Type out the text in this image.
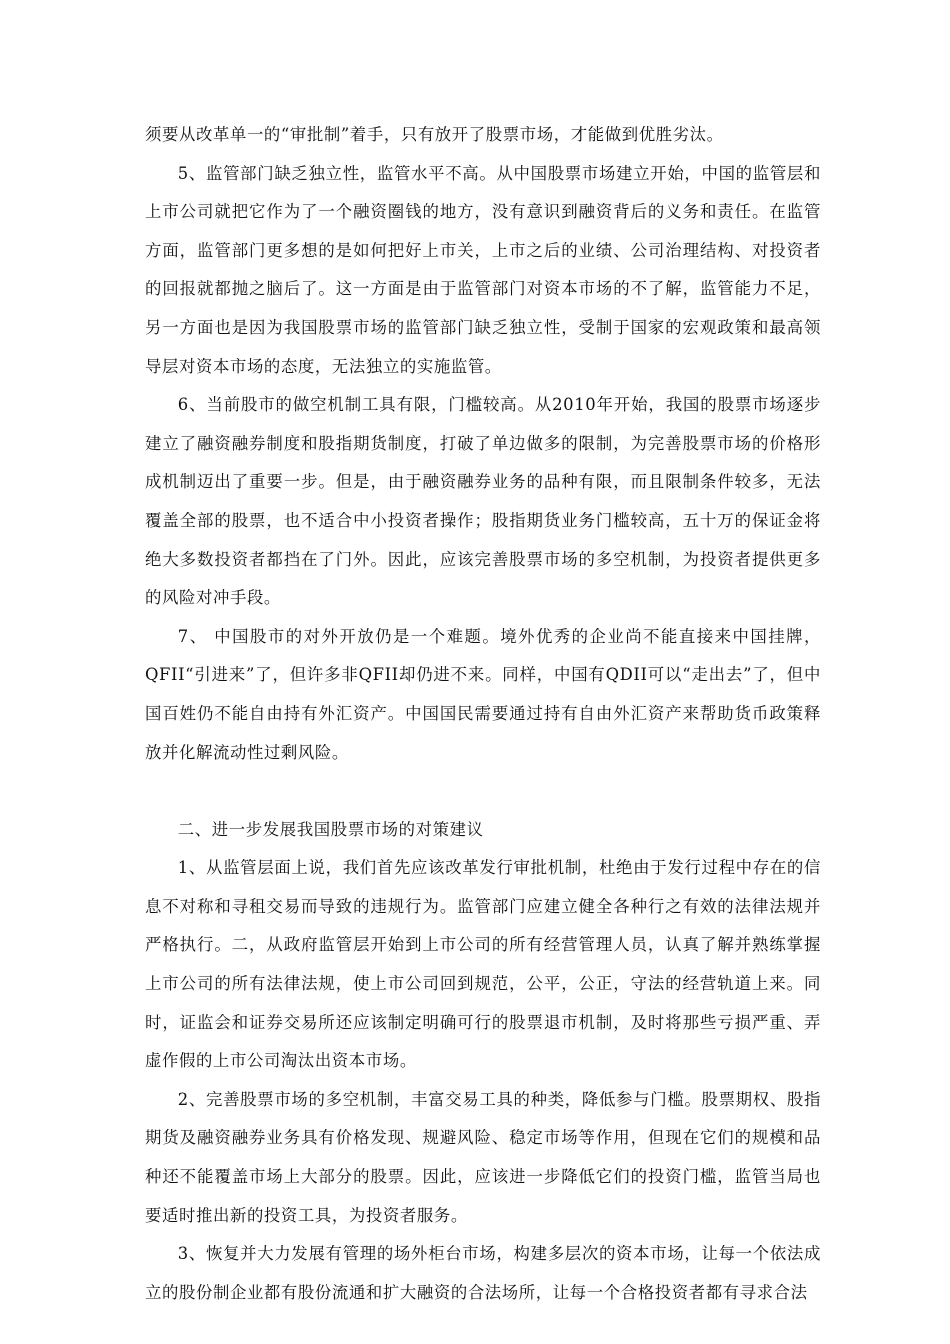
须要从改革单一的“审批制”着手，只有放开了股票市场，才能做到优胜劣汰。

5、监管部门缺乏独立性，监管水平不高。从中国股票市场建立开始，中国的监管层和上市公司就把它作为了一个融资圈钱的地方，没有意识到融资背后的义务和责任。在监管方面，监管部门更多想的是如何把好上市关，上市之后的业绩、公司治理结构、对投资者的回报就都抛之脑后了。这一方面是由于监管部门对资本市场的不了解，监管能力不足，另一方面也是因为我国股票市场的监管部门缺乏独立性，受制于国家的宏观政策和最高领导层对资本市场的态度，无法独立的实施监管。

6、当前股市的做空机制工具有限，门槛较高。从2010年开始，我国的股票市场逐步建立了融资融券制度和股指期货制度，打破了单边做多的限制，为完善股票市场的价格形成机制迈出了重要一步。但是，由于融资融券业务的品种有限，而且限制条件较多，无法覆盖全部的股票，也不适合中小投资者操作；股指期货业务门槛较高，五十万的保证金将绝大多数投资者都挡在了门外。因此，应该完善股票市场的多空机制，为投资者提供更多的风险对冲手段。

7、 中国股市的对外开放仍是一个难题。境外优秀的企业尚不能直接来中国挂牌，QFII“引进来”了，但许多非QFII却仍进不来。同样，中国有QDII可以“走出去”了，但中国百姓仍不能自由持有外汇资产。中国国民需要通过持有自由外汇资产来帮助货币政策释放并化解流动性过剩风险。

二、进一步发展我国股票市场的对策建议

1、从监管层面上说，我们首先应该改革发行审批机制，杜绝由于发行过程中存在的信息不对称和寻租交易而导致的违规行为。监管部门应建立健全各种行之有效的法律法规并严格执行。二，从政府监管层开始到上市公司的所有经营管理人员，认真了解并熟练掌握上市公司的所有法律法规，使上市公司回到规范，公平，公正，守法的经营轨道上来。同时，证监会和证券交易所还应该制定明确可行的股票退市机制，及时将那些亏损严重、弄虚作假的上市公司淘汰出资本市场。

2、完善股票市场的多空机制，丰富交易工具的种类，降低参与门槛。股票期权、股指期货及融资融券业务具有价格发现、规避风险、稳定市场等作用，但现在它们的规模和品种还不能覆盖市场上大部分的股票。因此，应该进一步降低它们的投资门槛，监管当局也要适时推出新的投资工具，为投资者服务。

3、恢复并大力发展有管理的场外柜台市场，构建多层次的资本市场，让每一个依法成立的股份制企业都有股份流通和扩大融资的合法场所，让每一个合格投资者都有寻求合法
